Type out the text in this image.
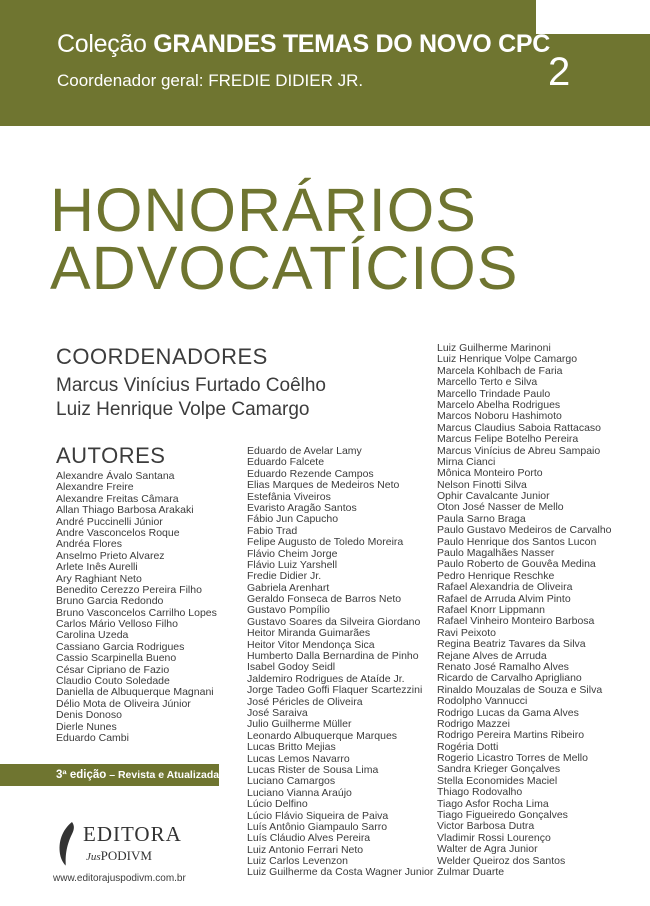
Coleção GRANDES TEMAS DO NOVO CPC
Coordenador geral: FREDIE DIDIER JR.	2
HONORÁRIOS
ADVOCATÍCIOS
COORDENADORES
Marcus Vinícius Furtado Coêlho
Luiz Henrique Volpe Camargo
AUTORES
Alexandre Ávalo Santana
Alexandre Freire
Alexandre Freitas Câmara
Allan Thiago Barbosa Arakaki
André Puccinelli Júnior
Andre Vasconcelos Roque
Andréa Flores
Anselmo Prieto Alvarez
Arlete Inês Aurelli
Ary Raghiant Neto
Benedito Cerezzo Pereira Filho
Bruno Garcia Redondo
Bruno Vasconcelos Carrilho Lopes
Carlos Mário Velloso Filho
Carolina Uzeda
Cassiano Garcia Rodrigues
Cassio Scarpinella Bueno
César Cipriano de Fazio
Claudio Couto Soledade
Daniella de Albuquerque Magnani
Délio Mota de Oliveira Júnior
Denis Donoso
Dierle Nunes
Eduardo Cambi
Eduardo de Avelar Lamy
Eduardo Falcete
Eduardo Rezende Campos
Elias Marques de Medeiros Neto
Estefânia Viveiros
Evaristo Aragão Santos
Fábio Jun Capucho
Fabio Trad
Felipe Augusto de Toledo Moreira
Flávio Cheim Jorge
Flávio Luiz Yarshell
Fredie Didier Jr.
Gabriela Arenhart
Geraldo Fonseca de Barros Neto
Gustavo Pompílio
Gustavo Soares da Silveira Giordano
Heitor Miranda Guimarães
Heitor Vitor Mendonça Sica
Humberto Dalla Bernardina de Pinho
Isabel Godoy Seidl
Jaldemiro Rodrigues de Ataíde Jr.
Jorge Tadeo Goffi Flaquer Scartezzini
José Péricles de Oliveira
José Saraiva
Julio Guilherme Müller
Leonardo Albuquerque Marques
Lucas Britto Mejias
Lucas Lemos Navarro
Lucas Rister de Sousa Lima
Luciano Camargos
Luciano Vianna Araújo
Lúcio Delfino
Lúcio Flávio Siqueira de Paiva
Luís Antônio Giampaulo Sarro
Luís Cláudio Alves Pereira
Luiz Antonio Ferrari Neto
Luiz Carlos Levenzon
Luiz Guilherme da Costa Wagner Junior
Luiz Guilherme Marinoni
Luiz Henrique Volpe Camargo
Marcela Kohlbach de Faria
Marcello Terto e Silva
Marcello Trindade Paulo
Marcelo Abelha Rodrigues
Marcos Noboru Hashimoto
Marcus Claudius Saboia Rattacaso
Marcus Felipe Botelho Pereira
Marcus Vinícius de Abreu Sampaio
Mirna Cianci
Mônica Monteiro Porto
Nelson Finotti Silva
Ophir Cavalcante Junior
Oton José Nasser de Mello
Paula Sarno Braga
Paulo Gustavo Medeiros de Carvalho
Paulo Henrique dos Santos Lucon
Paulo Magalhães Nasser
Paulo Roberto de Gouvêa Medina
Pedro Henrique Reschke
Rafael Alexandria de Oliveira
Rafael de Arruda Alvim Pinto
Rafael Knorr Lippmann
Rafael Vinheiro Monteiro Barbosa
Ravi Peixoto
Regina Beatriz Tavares da Silva
Rejane Alves de Arruda
Renato José Ramalho Alves
Ricardo de Carvalho Aprigliano
Rinaldo Mouzalas de Souza e Silva
Rodolpho Vannucci
Rodrigo Lucas da Gama Alves
Rodrigo Mazzei
Rodrigo Pereira Martins Ribeiro
Rogéria Dotti
Rogerio Licastro Torres de Mello
Sandra Krieger Gonçalves
Stella Economides Maciel
Thiago Rodovalho
Tiago Asfor Rocha Lima
Tiago Figueiredo Gonçalves
Victor Barbosa Dutra
Vladimir Rossi Lourenço
Walter de Agra Junior
Welder Queiroz dos Santos
Zulmar Duarte
3ª edição – Revista e Atualizada
EDITORA
JusPODIVM
www.editorajuspodivm.com.br
